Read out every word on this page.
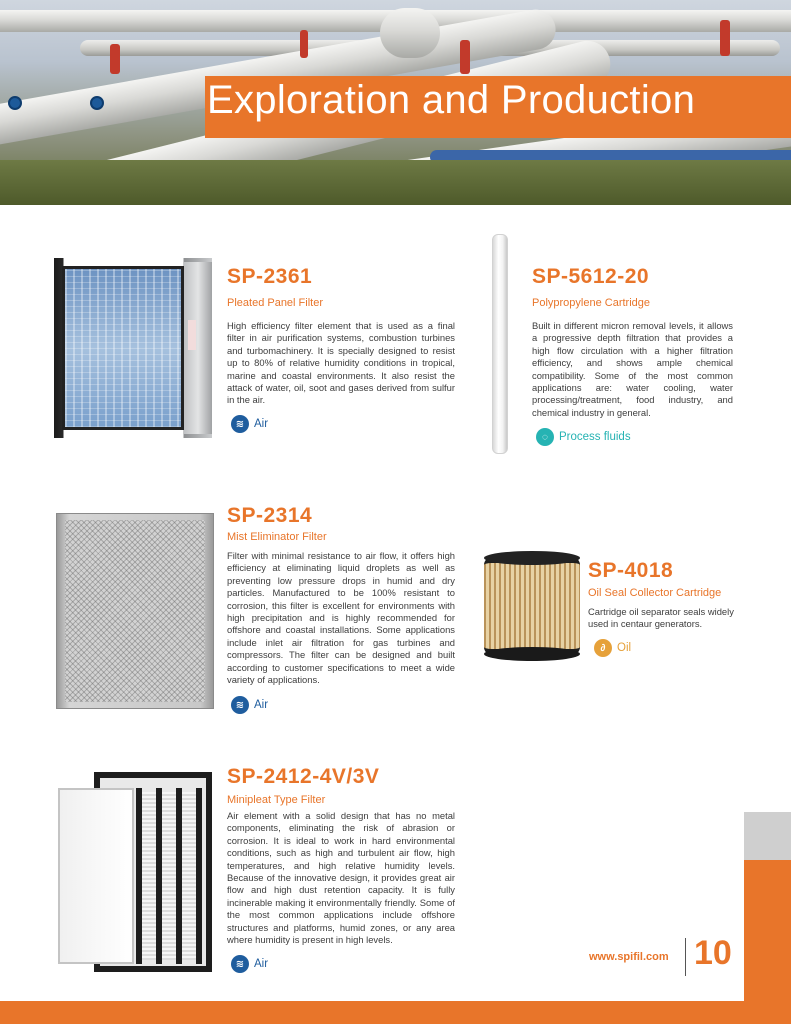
Exploration and Production
SP-2361
Pleated Panel Filter
High efficiency filter element that is used as a final filter in air purification systems, combustion turbines and turbomachinery. It is specially designed to resist up to 80% of relative humidity conditions in tropical, marine and coastal environments. It also resist the attack of water, oil, soot and gases derived from sulfur in the air.
≋ Air
SP-5612-20
Polypropylene Cartridge
Built in different micron removal levels, it allows a progressive depth filtration that provides a high flow circulation with a higher filtration efficiency, and shows ample chemical compatibility. Some of the most common applications are: water cooling, water processing/treatment, food industry, and chemical industry in general.
◌ Process fluids
SP-2314
Mist Eliminator Filter
Filter with minimal resistance to air flow, it offers high efficiency at eliminating liquid droplets as well as preventing low pressure drops in humid and dry particles. Manufactured to be 100% resistant to corrosion, this filter is excellent for environments with high precipitation and is highly recommended for offshore and coastal installations. Some applications include inlet air filtration for gas turbines and compressors. The filter can be designed and built according to customer specifications to meet a wide variety of applications.
≋ Air
SP-4018
Oil Seal Collector Cartridge
Cartridge oil separator seals widely used in centaur generators.
∂	Oil
SP-2412-4V/3V
Minipleat Type Filter
Air element with a solid design that has no metal components, eliminating the risk of abrasion or corrosion. It is ideal to work in hard environmental conditions, such as high and turbulent air flow, high temperatures, and high relative humidity levels. Because of the innovative design, it provides great air flow and high dust retention capacity. It is fully incinerable making it environmentally friendly. Some of the most common applications include offshore structures and platforms, humid zones, or any area where humidity is present in high levels.
≋ Air
www.spifil.com 10
